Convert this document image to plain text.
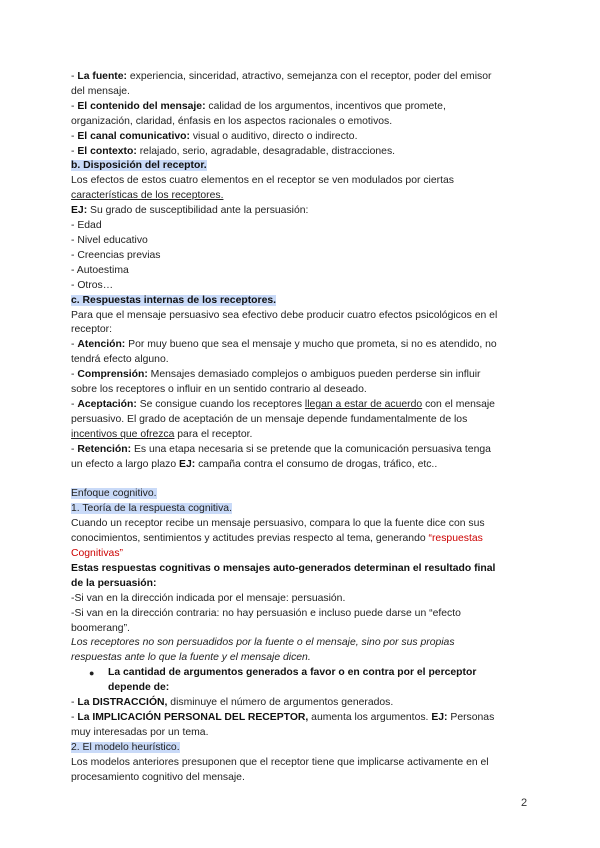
- La fuente: experiencia, sinceridad, atractivo, semejanza con el receptor, poder del emisor
del mensaje.
- El contenido del mensaje: calidad de los argumentos, incentivos que promete,
organización, claridad, énfasis en los aspectos racionales o emotivos.
- El canal comunicativo: visual o auditivo, directo o indirecto.
- El contexto: relajado, serio, agradable, desagradable, distracciones.
b. Disposición del receptor.
Los efectos de estos cuatro elementos en el receptor se ven modulados por ciertas
características de los receptores.
EJ: Su grado de susceptibilidad ante la persuasión:
- Edad
- Nivel educativo
- Creencias previas
- Autoestima
- Otros…
c. Respuestas internas de los receptores.
Para que el mensaje persuasivo sea efectivo debe producir cuatro efectos psicológicos en el
receptor:
- Atención: Por muy bueno que sea el mensaje y mucho que prometa, si no es atendido, no
tendrá efecto alguno.
- Comprensión: Mensajes demasiado complejos o ambiguos pueden perderse sin influir
sobre los receptores o influir en un sentido contrario al deseado.
- Aceptación: Se consigue cuando los receptores llegan a estar de acuerdo con el mensaje
persuasivo. El grado de aceptación de un mensaje depende fundamentalmente de los
incentivos que ofrezca para el receptor.
- Retención: Es una etapa necesaria si se pretende que la comunicación persuasiva tenga
un efecto a largo plazo EJ: campaña contra el consumo de drogas, tráfico, etc..
Enfoque cognitivo.
1. Teoría de la respuesta cognitiva.
Cuando un receptor recibe un mensaje persuasivo, compara lo que la fuente dice con sus
conocimientos, sentimientos y actitudes previas respecto al tema, generando “respuestas
Cognitivas”
Estas respuestas cognitivas o mensajes auto-generados determinan el resultado final
de la persuasión:
-Si van en la dirección indicada por el mensaje: persuasión.
-Si van en la dirección contraria: no hay persuasión e incluso puede darse un “efecto
boomerang”.
Los receptores no son persuadidos por la fuente o el mensaje, sino por sus propias
respuestas ante lo que la fuente y el mensaje dicen.
● La cantidad de argumentos generados a favor o en contra por el perceptor
depende de:
- La DISTRACCIÓN, disminuye el número de argumentos generados.
- La IMPLICACIÓN PERSONAL DEL RECEPTOR, aumenta los argumentos. EJ: Personas
muy interesadas por un tema.
2. El modelo heurístico.
Los modelos anteriores presuponen que el receptor tiene que implicarse activamente en el
procesamiento cognitivo del mensaje.
2
